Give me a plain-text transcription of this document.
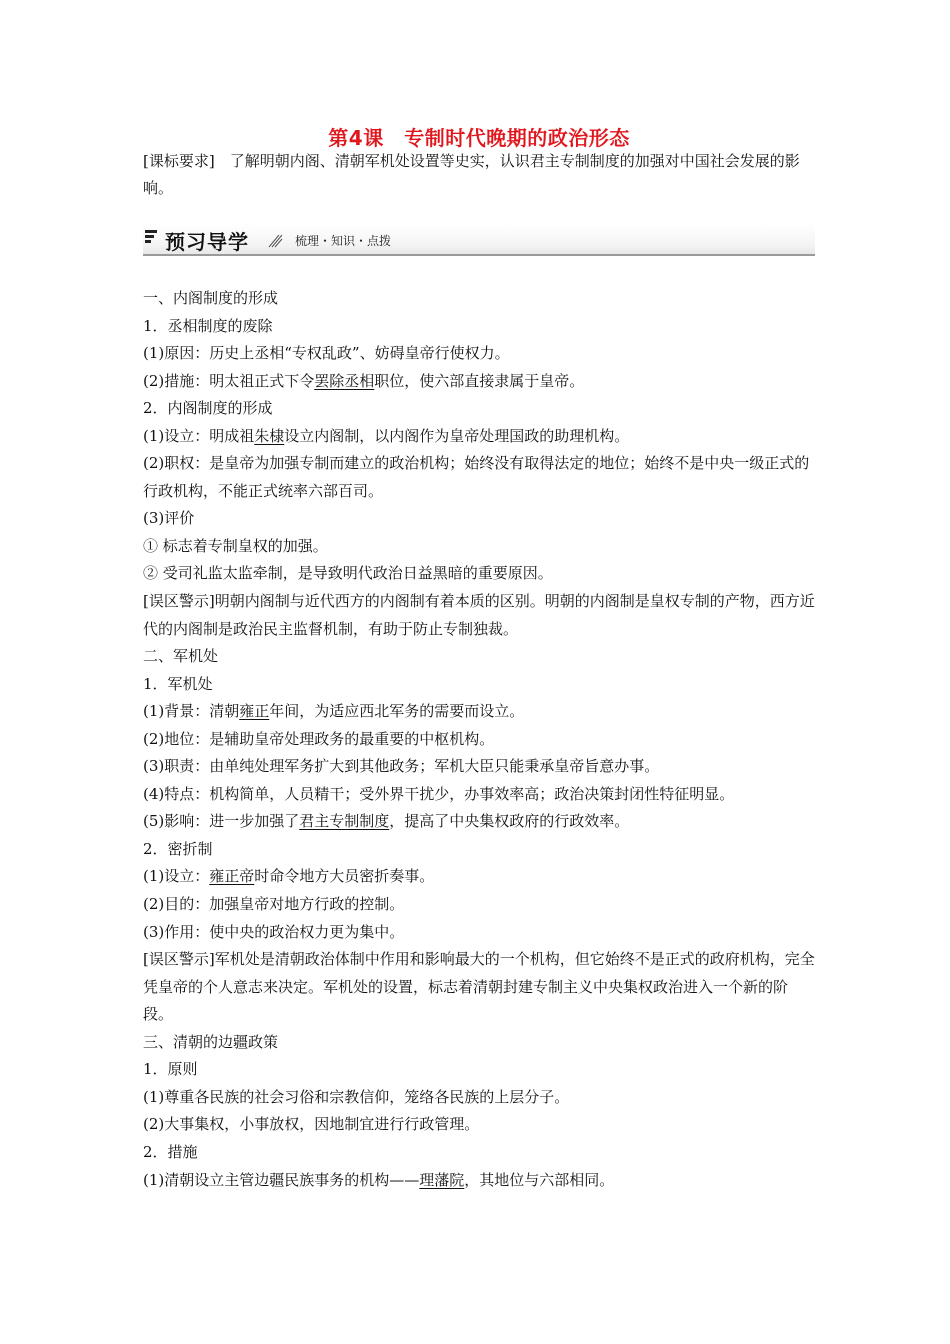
第4课　专制时代晚期的政治形态
[课标要求]　了解明朝内阁、清朝军机处设置等史实，认识君主专制制度的加强对中国社会发展的影响。
预习导学	梳理・知识・点拨
一、内阁制度的形成
1．丞相制度的废除
(1)原因：历史上丞相“专权乱政”、妨碍皇帝行使权力。
(2)措施：明太祖正式下令罢除丞相职位，使六部直接隶属于皇帝。
2．内阁制度的形成
(1)设立：明成祖朱棣设立内阁制，以内阁作为皇帝处理国政的助理机构。
(2)职权：是皇帝为加强专制而建立的政治机构；始终没有取得法定的地位；始终不是中央一级正式的行政机构，不能正式统率六部百司。
(3)评价
① 标志着专制皇权的加强。
② 受司礼监太监牵制，是导致明代政治日益黑暗的重要原因。
[误区警示]明朝内阁制与近代西方的内阁制有着本质的区别。明朝的内阁制是皇权专制的产物，西方近代的内阁制是政治民主监督机制，有助于防止专制独裁。
二、军机处
1．军机处
(1)背景：清朝雍正年间，为适应西北军务的需要而设立。
(2)地位：是辅助皇帝处理政务的最重要的中枢机构。
(3)职责：由单纯处理军务扩大到其他政务；军机大臣只能秉承皇帝旨意办事。
(4)特点：机构简单，人员精干；受外界干扰少，办事效率高；政治决策封闭性特征明显。
(5)影响：进一步加强了君主专制制度，提高了中央集权政府的行政效率。
2．密折制
(1)设立：雍正帝时命令地方大员密折奏事。
(2)目的：加强皇帝对地方行政的控制。
(3)作用：使中央的政治权力更为集中。
[误区警示]军机处是清朝政治体制中作用和影响最大的一个机构，但它始终不是正式的政府机构，完全凭皇帝的个人意志来决定。军机处的设置，标志着清朝封建专制主义中央集权政治进入一个新的阶段。
三、清朝的边疆政策
1．原则
(1)尊重各民族的社会习俗和宗教信仰，笼络各民族的上层分子。
(2)大事集权，小事放权，因地制宜进行行政管理。
2．措施
(1)清朝设立主管边疆民族事务的机构——理藩院，其地位与六部相同。
